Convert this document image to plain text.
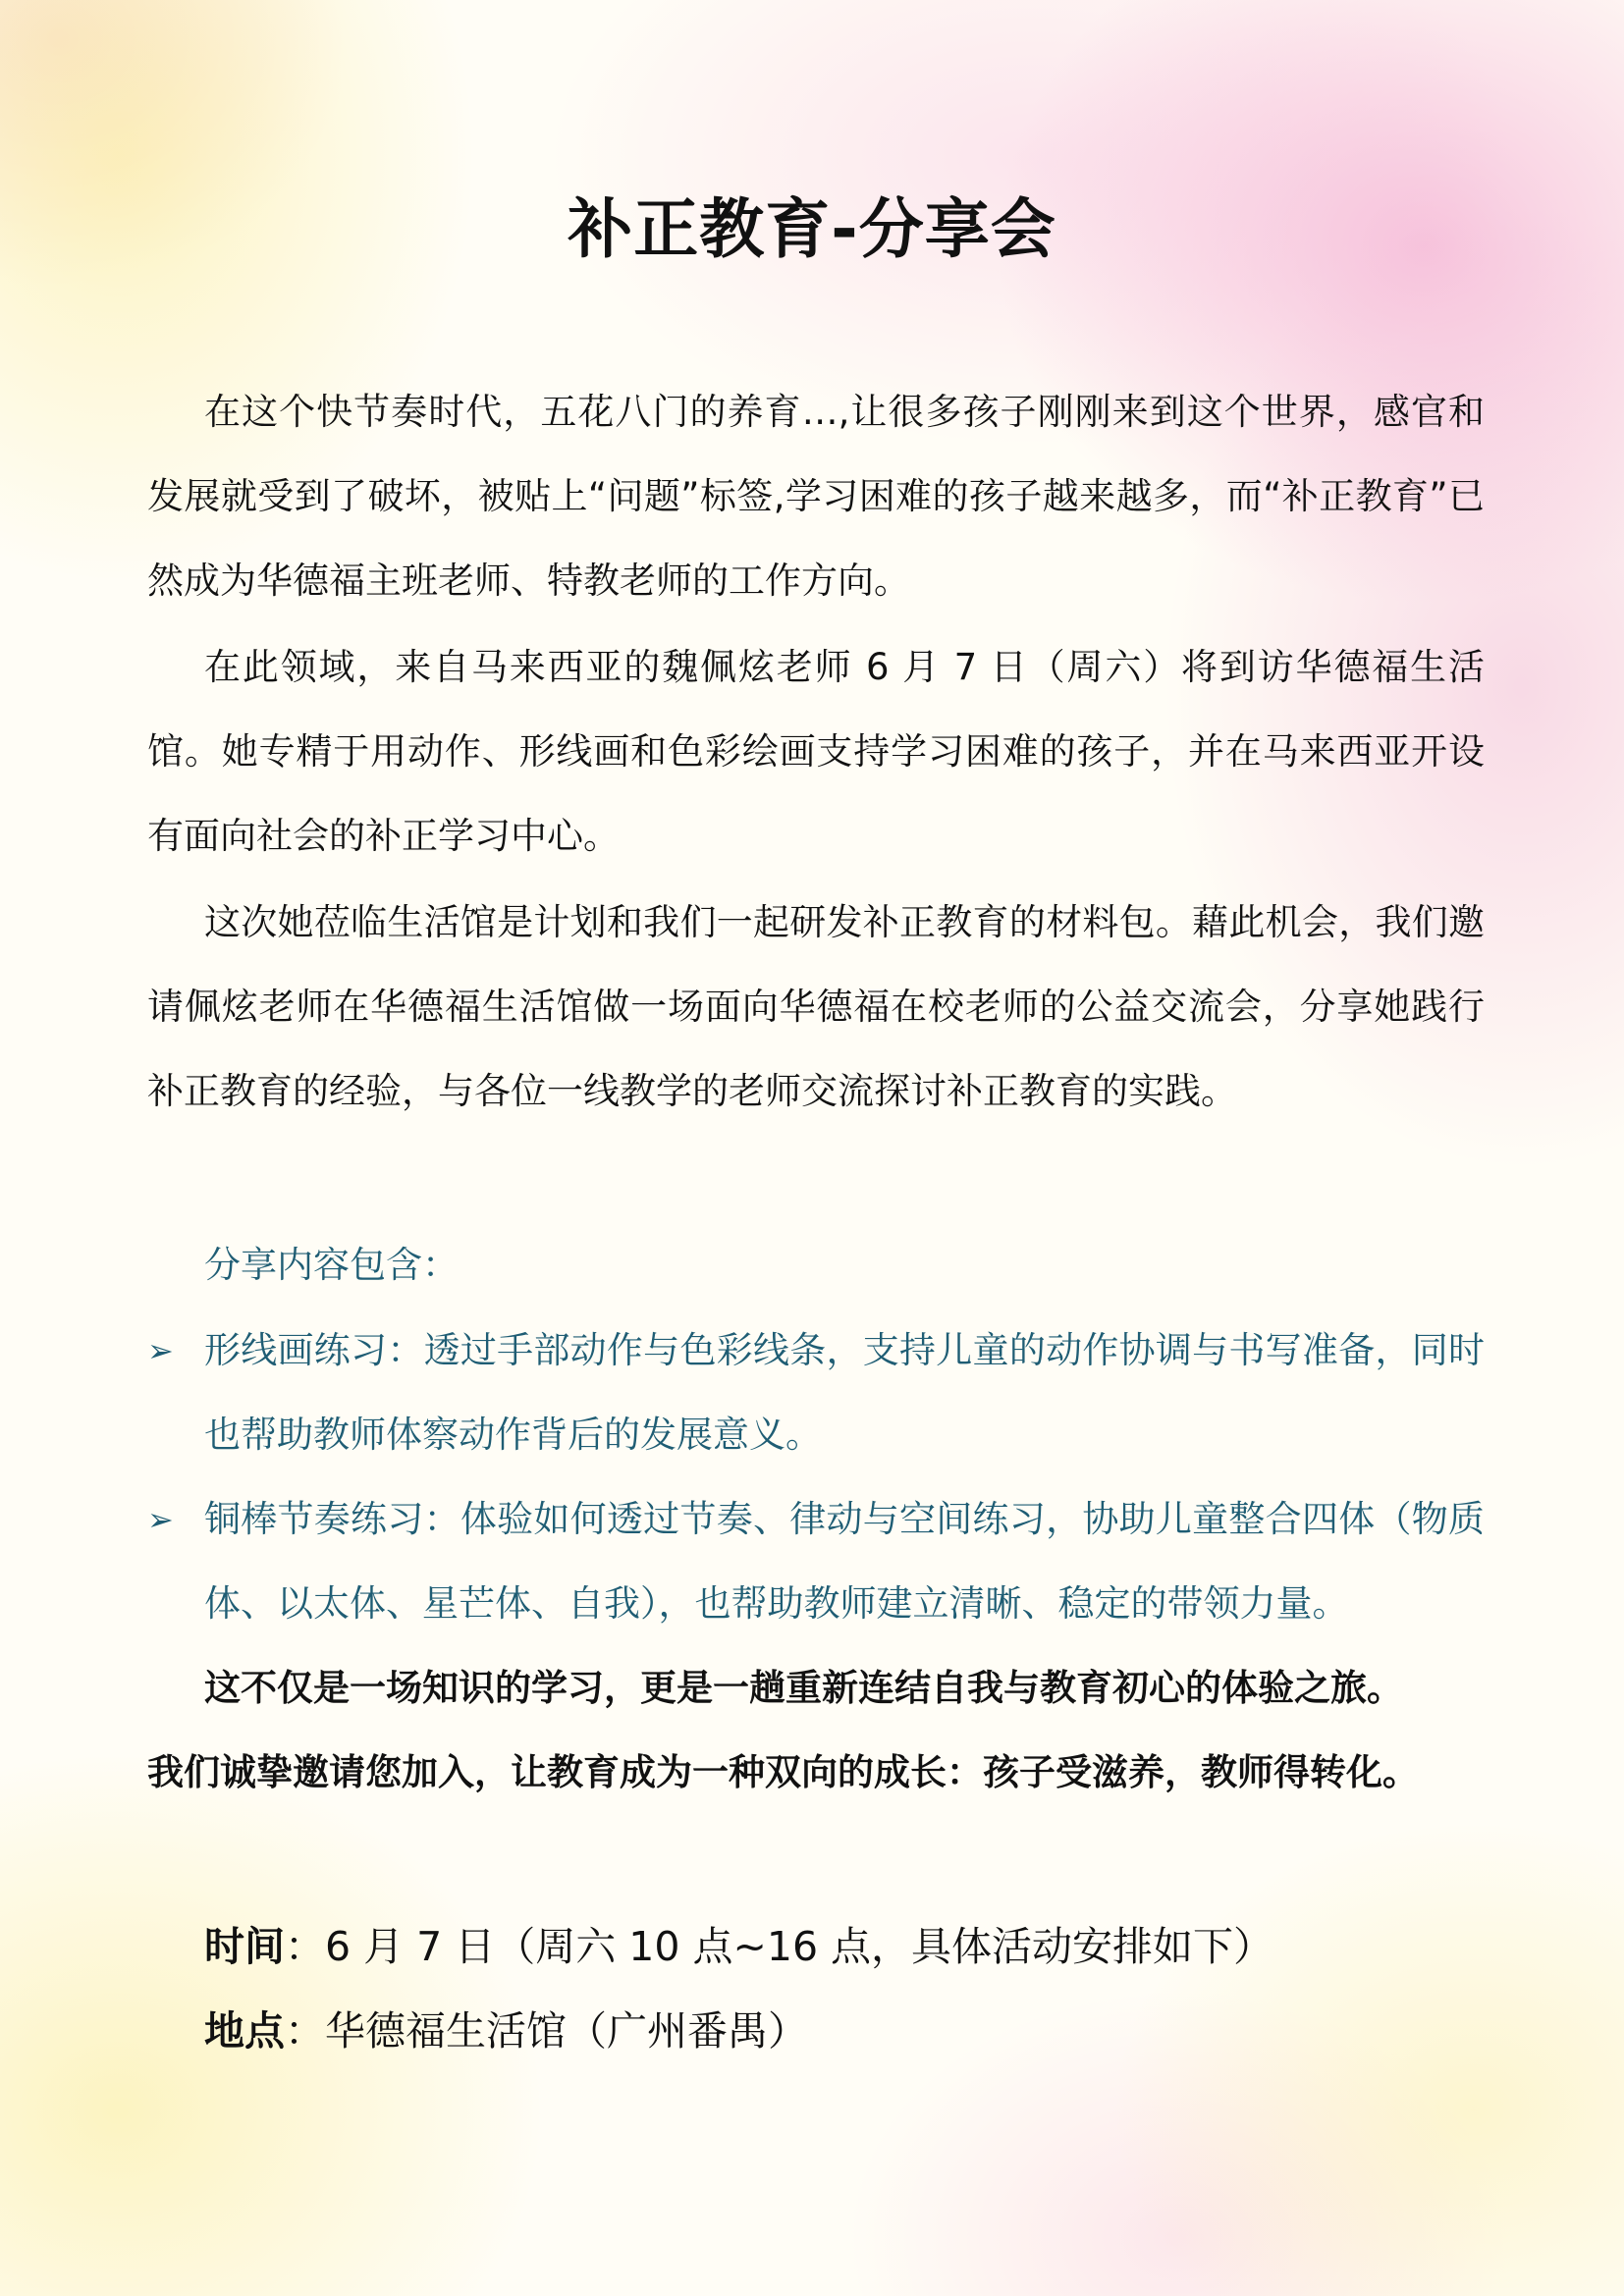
补正教育-分享会

在这个快节奏时代，五花八门的养育…,让很多孩子刚刚来到这个世界，感官和发展就受到了破坏，被贴上“问题”标签,学习困难的孩子越来越多，而“补正教育”已然成为华德福主班老师、特教老师的工作方向。

在此领域，来自马来西亚的魏佩炫老师 6 月 7 日（周六）将到访华德福生活馆。她专精于用动作、形线画和色彩绘画支持学习困难的孩子，并在马来西亚开设有面向社会的补正学习中心。

这次她莅临生活馆是计划和我们一起研发补正教育的材料包。藉此机会，我们邀请佩炫老师在华德福生活馆做一场面向华德福在校老师的公益交流会，分享她践行补正教育的经验，与各位一线教学的老师交流探讨补正教育的实践。

分享内容包含：

➢ 形线画练习：透过手部动作与色彩线条，支持儿童的动作协调与书写准备，同时也帮助教师体察动作背后的发展意义。
➢ 铜棒节奏练习：体验如何透过节奏、律动与空间练习，协助儿童整合四体（物质体、以太体、星芒体、自我），也帮助教师建立清晰、稳定的带领力量。

这不仅是一场知识的学习，更是一趟重新连结自我与教育初心的体验之旅。

我们诚挚邀请您加入，让教育成为一种双向的成长：孩子受滋养，教师得转化。

时间：6 月 7 日（周六 10 点~16 点，具体活动安排如下）

地点：华德福生活馆（广州番禺）
